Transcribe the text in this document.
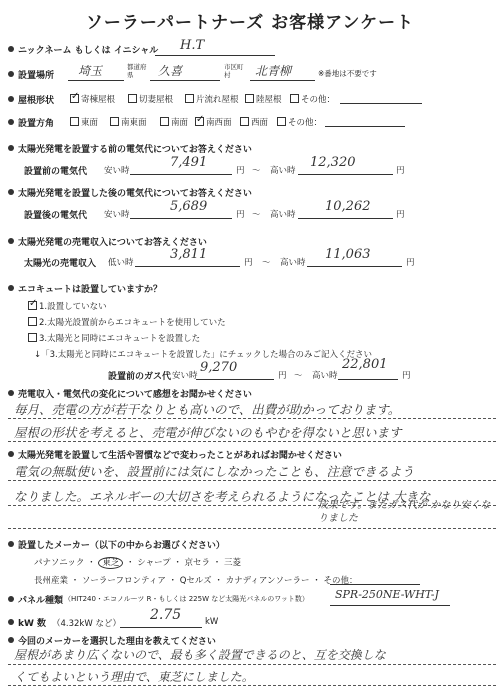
ソーラーパートナーズ お客様アンケート
ニックネーム もしくは イニシャル H.T
設置場所 埼玉	都道府県	久喜	市区町村	北青柳	※番地は不要です
屋根形状 ✓ 寄棟屋根	切妻屋根	片流れ屋根	陸屋根	その他：
設置方角	東面	南東面	南面 ✓ 南西面	西面	その他：
太陽光発電を設置する前の電気代についてお答えください
設置前の電気代 安い時
7,491
円 ～ 高い時
12,320
円
太陽光発電を設置した後の電気代についてお答えください
設置後の電気代 安い時
5,689
円 ～ 高い時
10,262
円
太陽光発電の売電収入についてお答えください
太陽光の売電収入 低い時
3,811
円 ～ 高い時
11,063
円
エコキュートは設置していますか？
✓ 1.設置していない
2.太陽光設置前からエコキュートを使用していた
3.太陽光と同時にエコキュートを設置した
↓「3.太陽光と同時にエコキュートを設置した」にチェックした場合のみご記入ください
設置前のガス代 安い時
9,270
円 ～ 高い時
22,801
円
売電収入・電気代の変化について感想をお聞かせください
毎月、売電の方が若干なりとも高いので、出費が助かっております。
屋根の形状を考えると、売電が伸びないのもやむを得ないと思います
太陽光発電を設置して生活や習慣などで変わったことがあればお聞かせください
電気の無駄使いを、設置前には気にしなかったことも、注意できるよう
なりました。エネルギーの大切さを考えられるようになったことは 大きな
成果です。またガス代が かなり安くなりました
設置したメーカー（以下の中からお選びください）
パナソニック ・ 東芝 ・ シャープ ・ 京セラ ・ 三菱
長州産業 ・ ソーラーフロンティア ・ Qセルズ ・ カナディアンソーラー ・ その他：
パネル種類 （HIT240・エコノルーツ R・もしくは 225W など太陽光パネルのワット数） SPR-250NE-WHT-J
kW 数 （4.32kW など）
2.75	kW
今回のメーカーを選択した理由を教えてください
屋根があまり広くないので、最も多く設置できるのと、互を交換しな
くてもよいという理由で、東芝にしました。
